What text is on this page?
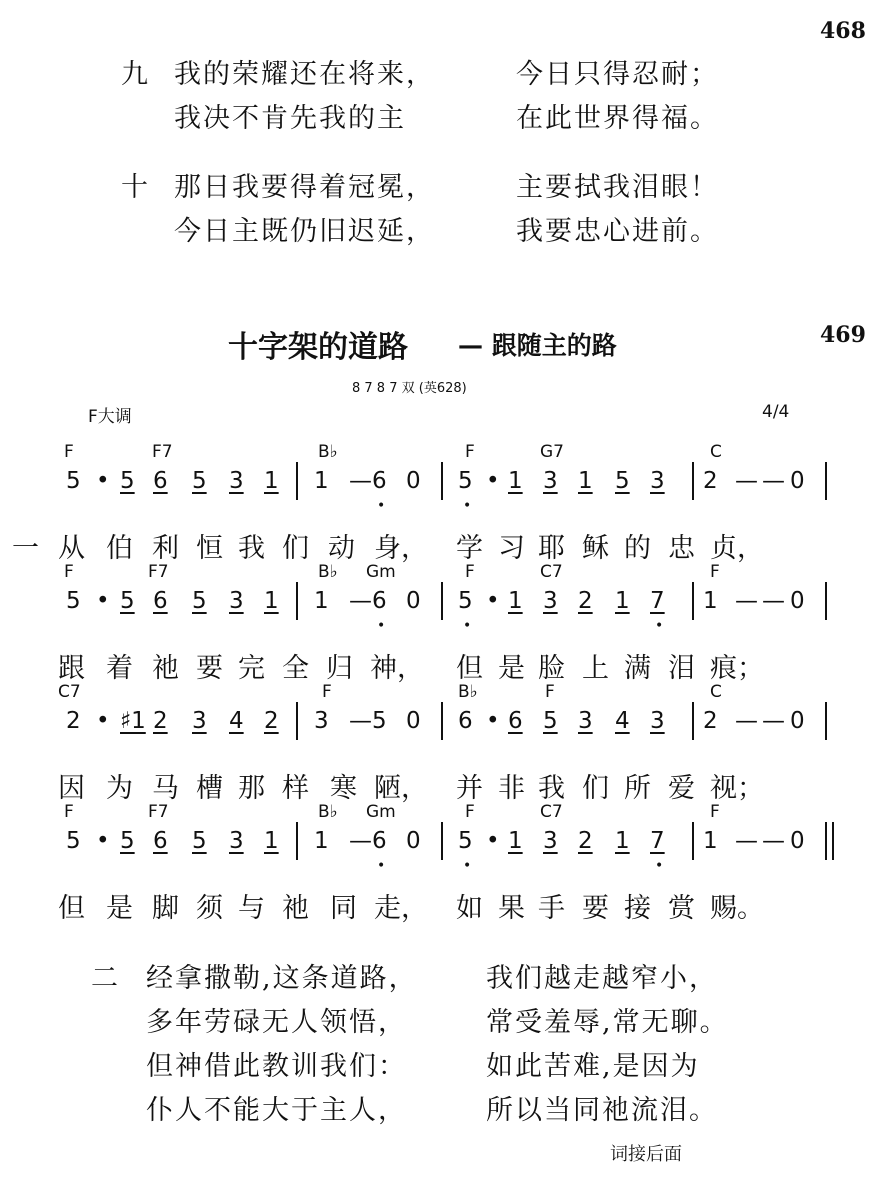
468
九 我的荣耀还在将来，	今日只得忍耐；
我决不肯先我的主	在此世界得福。
十 那日我要得着冠冕，	主要拭我泪眼！
今日主既仍旧迟延，	我要忠心进前。
469
十字架的道路 — 跟随主的路
8 7 8 7 双 (英628)
F大调	4/4
F	F7	B♭	F	G7	C
5 • 5 6 5 3 1 1 —
•
6 0
•
5 • 1 3 1 5 3 2 — — 0
一 从 伯 利 恒 我 们 动 身， 学 习 耶 稣 的 忠 贞，
F	F7	B♭ Gm	F	C7	F
5 • 5 6 5 3 1 1 —
•
6 0
•
5 • 1 3 2 1
•
7 1 — — 0
跟 着 祂 要 完 全 归 神， 但 是 脸 上 满 泪 痕；
C7	F	B♭	F	C
2 • ♯1 2 3 4 2 3 — 5 0 6 • 6 5 3 4 3 2 — — 0
因 为 马 槽 那 样 寒 陋， 并 非 我 们 所 爱 视；
F	F7	B♭ Gm	F	C7	F
5 • 5 6 5 3 1 1 —
•
6 0
•
5 • 1 3 2 1
•
7 1 — — 0
但 是 脚 须 与 祂 同 走， 如 果 手 要 接 赏 赐。
二 经拿撒勒,这条道路，	我们越走越窄小，
多年劳碌无人领悟，	常受羞辱,常无聊。
但神借此教训我们：	如此苦难,是因为
仆人不能大于主人，	所以当同祂流泪。
词接后面
